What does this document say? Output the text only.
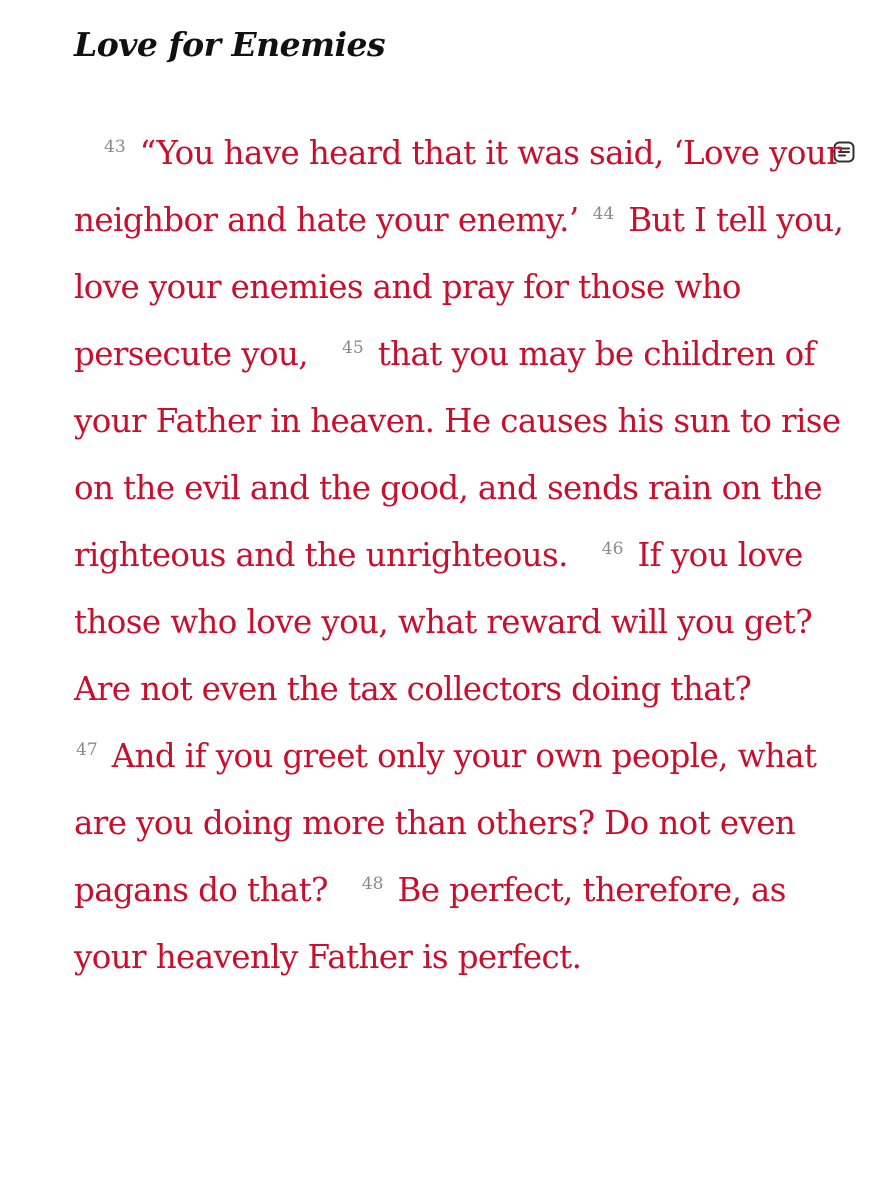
Love for Enemies

$^{43}$ “You have heard that it was said, ‘Love your neighbor and hate your enemy.’ $^{44}$ But I tell you, love your enemies and pray for those who persecute you, $^{45}$ that you may be children of your Father in heaven. He causes his sun to rise on the evil and the good, and sends rain on the righteous and the unrighteous. $^{46}$ If you love those who love you, what reward will you get? Are not even the tax collectors doing that?
$^{47}$ And if you greet only your own people, what are you doing more than others? Do not even pagans do that? $^{48}$ Be perfect, therefore, as your heavenly Father is perfect.
